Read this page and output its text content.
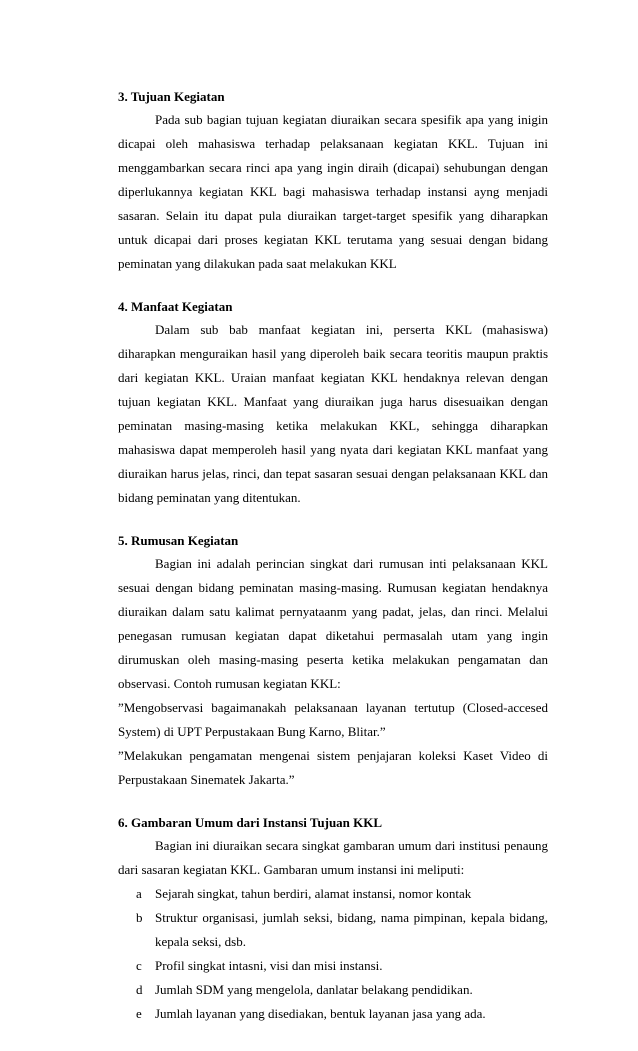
3. Tujuan Kegiatan

Pada sub bagian tujuan kegiatan diuraikan secara spesifik apa yang inigin dicapai oleh mahasiswa terhadap pelaksanaan kegiatan KKL. Tujuan ini menggambarkan secara rinci apa yang ingin diraih (dicapai) sehubungan dengan diperlukannya kegiatan KKL bagi mahasiswa terhadap instansi ayng menjadi sasaran. Selain itu dapat pula diuraikan target-target spesifik yang diharapkan untuk dicapai dari proses kegiatan KKL terutama yang sesuai dengan bidang peminatan yang dilakukan pada saat melakukan KKL

4. Manfaat Kegiatan

Dalam sub bab manfaat kegiatan ini, perserta KKL (mahasiswa) diharapkan menguraikan hasil yang diperoleh baik secara teoritis maupun praktis dari kegiatan KKL. Uraian manfaat kegiatan KKL hendaknya relevan dengan tujuan kegiatan KKL. Manfaat yang diuraikan juga harus disesuaikan dengan peminatan masing-masing ketika melakukan KKL, sehingga diharapkan mahasiswa dapat memperoleh hasil yang nyata dari kegiatan KKL manfaat yang diuraikan harus jelas, rinci, dan tepat sasaran sesuai dengan pelaksanaan KKL dan bidang peminatan yang ditentukan.

5. Rumusan Kegiatan

Bagian ini adalah perincian singkat dari rumusan inti pelaksanaan KKL sesuai dengan bidang peminatan masing-masing. Rumusan kegiatan hendaknya diuraikan dalam satu kalimat pernyataanm yang padat, jelas, dan rinci. Melalui penegasan rumusan kegiatan dapat diketahui permasalah utam yang ingin dirumuskan oleh masing-masing peserta ketika melakukan pengamatan dan observasi. Contoh rumusan kegiatan KKL:

”Mengobservasi bagaimanakah pelaksanaan layanan tertutup (Closed-accesed System) di UPT Perpustakaan Bung Karno, Blitar.”

”Melakukan pengamatan mengenai sistem penjajaran koleksi Kaset Video di Perpustakaan Sinematek Jakarta.”

6. Gambaran Umum dari Instansi Tujuan KKL

Bagian ini diuraikan secara singkat gambaran umum dari institusi penaung dari sasaran kegiatan KKL. Gambaran umum instansi ini meliputi:

a Sejarah singkat, tahun berdiri, alamat instansi, nomor kontak
b Struktur organisasi, jumlah seksi, bidang, nama pimpinan, kepala bidang, kepala seksi, dsb.
c Profil singkat intasni, visi dan misi instansi.
d Jumlah SDM yang mengelola, danlatar belakang pendidikan.
e Jumlah layanan yang disediakan, bentuk layanan jasa yang ada.
